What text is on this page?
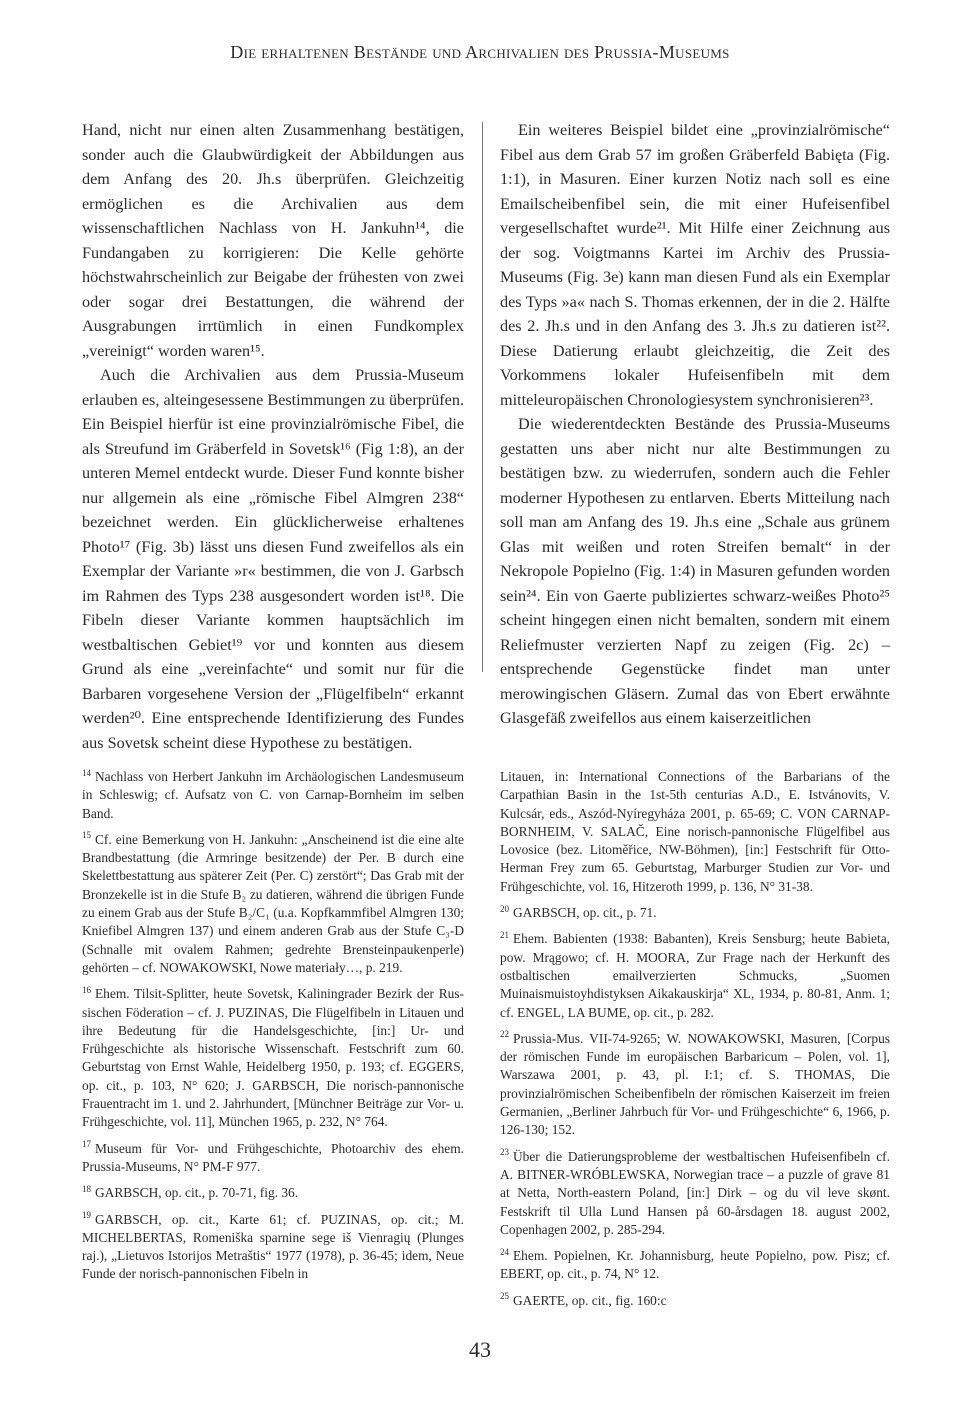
Die erhaltenen Bestände und Archivalien des Prussia-Museums

Hand, nicht nur einen alten Zusammenhang bestätigen, sonder auch die Glaubwürdigkeit der Abbildungen aus dem Anfang des 20. Jh.s überprüfen. Gleichzeitig ermöglichen es die Archivalien aus dem wissenschaftlichen Nachlass von H. Jankuhn¹⁴, die Fundangaben zu korrigieren: Die Kelle gehörte höchstwahrscheinlich zur Beigabe der frühesten von zwei oder sogar drei Bestattungen, die während der Ausgrabungen irrtümlich in einen Fundkomplex „vereinigt“ worden waren¹⁵.

Auch die Archivalien aus dem Prussia-Museum erlauben es, alteingesessene Bestimmungen zu überprüfen. Ein Beispiel hierfür ist eine provinzialrömische Fibel, die als Streufund im Gräberfeld in Sovetsk¹⁶ (Fig 1:8), an der unteren Memel entdeckt wurde. Dieser Fund konnte bisher nur allgemein als eine „römische Fibel Almgren 238“ bezeichnet werden. Ein glücklicherweise erhaltenes Photo¹⁷ (Fig. 3b) lässt uns diesen Fund zweifellos als ein Exemplar der Variante »r« bestimmen, die von J. Garbsch im Rahmen des Typs 238 ausgesondert worden ist¹⁸. Die Fibeln dieser Variante kommen hauptsächlich im westbaltischen Gebiet¹⁹ vor und konnten aus diesem Grund als eine „vereinfachte“ und somit nur für die Barbaren vorgesehene Version der „Flügelfibeln“ erkannt werden²⁰. Eine entsprechende Identifizierung des Fundes aus Sovetsk scheint diese Hypothese zu bestätigen.

Ein weiteres Beispiel bildet eine „provinzialrömische“ Fibel aus dem Grab 57 im großen Gräberfeld Babięta (Fig. 1:1), in Masuren. Einer kurzen Notiz nach soll es eine Emailscheibenfibel sein, die mit einer Hufeisenfibel vergesellschaftet wurde²¹. Mit Hilfe einer Zeichnung aus der sog. Voigtmanns Kartei im Archiv des Prussia-Museums (Fig. 3e) kann man diesen Fund als ein Exemplar des Typs »a« nach S. Thomas erkennen, der in die 2. Hälfte des 2. Jh.s und in den Anfang des 3. Jh.s zu datieren ist²². Diese Datierung erlaubt gleichzeitig, die Zeit des Vorkommens lokaler Hufeisenfibeln mit dem mitteleuropäischen Chronologiesystem synchronisieren²³.

Die wiederentdeckten Bestände des Prussia-Museums gestatten uns aber nicht nur alte Bestimmungen zu bestätigen bzw. zu wiederrufen, sondern auch die Fehler moderner Hypothesen zu entlarven. Eberts Mitteilung nach soll man am Anfang des 19. Jh.s eine „Schale aus grünem Glas mit weißen und roten Streifen bemalt“ in der Nekropole Popielno (Fig. 1:4) in Masuren gefunden worden sein²⁴. Ein von Gaerte publiziertes schwarz-weißes Photo²⁵ scheint hingegen einen nicht bemalten, sondern mit einem Reliefmuster verzierten Napf zu zeigen (Fig. 2c) – entsprechende Gegenstücke findet man unter merowingischen Gläsern. Zumal das von Ebert erwähnte Glasgefäß zweifellos aus einem kaiserzeitlichen

$^{14}$ Nachlass von Herbert Jankuhn im Archäologischen Landesmuseum in Schleswig; cf. Aufsatz von C. von Carnap-Bornheim im selben Band.

$^{15}$ Cf. eine Bemerkung von H. Jankuhn: „Anscheinend ist die eine alte Brandbestattung (die Armringe besitzende) der Per. B durch eine Skelettbestattung aus späterer Zeit (Per. C) zerstört“; Das Grab mit der Bronzekelle ist in die Stufe B₂ zu datieren, während die übrigen Funde zu einem Grab aus der Stufe B₂/C₁ (u.a. Kopfkammfibel Almgren 130; Kniefibel Almgren 137) und einem anderen Grab aus der Stufe C₃-D (Schnalle mit ovalem Rahmen; gedrehte Brensteinpaukenperle) gehörten – cf. NOWAKOWSKI, Nowe materiały…, p. 219.

$^{16}$ Ehem. Tilsit-Splitter, heute Sovetsk, Kaliningrader Bezirk der Rus-sischen Föderation – cf. J. PUZINAS, Die Flügelfibeln in Litauen und ihre Bedeutung für die Handelsgeschichte, [in:] Ur- und Frühgeschichte als historische Wissenschaft. Festschrift zum 60. Geburtstag von Ernst Wahle, Heidelberg 1950, p. 193; cf. EGGERS, op. cit., p. 103, N° 620; J. GARBSCH, Die norisch-pannonische Frauentracht im 1. und 2. Jahrhundert, [Münchner Beiträge zur Vor- u. Frühgeschichte, vol. 11], München 1965, p. 232, N° 764.

$^{17}$ Museum für Vor- und Frühgeschichte, Photoarchiv des ehem. Prussia-Museums, N° PM-F 977.

$^{18}$ GARBSCH, op. cit., p. 70-71, fig. 36.

$^{19}$ GARBSCH, op. cit., Karte 61; cf. PUZINAS, op. cit.; M. MICHELBERTAS, Romeniška sparnine sege iš Vienragių (Plunges raj.), „Lietuvos Istorijos Metraštis“ 1977 (1978), p. 36-45; idem, Neue Funde der norisch-pannonischen Fibeln in

Litauen, in: International Connections of the Barbarians of the Carpathian Basin in the 1st-5th centurias A.D., E. Istvánovits, V. Kulcsár, eds., Aszód-Nyíregyháza 2001, p. 65-69; C. VON CARNAP-BORNHEIM, V. SALAČ, Eine norisch-pannonische Flügelfibel aus Lovosice (bez. Litoměřice, NW-Böhmen), [in:] Festschrift für Otto-Herman Frey zum 65. Geburtstag, Marburger Studien zur Vor- und Frühgeschichte, vol. 16, Hitzeroth 1999, p. 136, N° 31-38.

$^{20}$ GARBSCH, op. cit., p. 71.

$^{21}$ Ehem. Babienten (1938: Babanten), Kreis Sensburg; heute Babieta, pow. Mrągowo; cf. H. MOORA, Zur Frage nach der Herkunft des ostbaltischen emailverzierten Schmucks, „Suomen Muinaismuistoyhdistyksen Aikakauskirja“ XL, 1934, p. 80-81, Anm. 1; cf. ENGEL, LA BUME, op. cit., p. 282.

$^{22}$ Prussia-Mus. VII-74-9265; W. NOWAKOWSKI, Masuren, [Corpus der römischen Funde im europäischen Barbaricum – Polen, vol. 1], Warszawa 2001, p. 43, pl. I:1; cf. S. THOMAS, Die provinzialrömischen Scheibenfibeln der römischen Kaiserzeit im freien Germanien, „Berliner Jahrbuch für Vor- und Frühgeschichte“ 6, 1966, p. 126-130; 152.

$^{23}$ Über die Datierungsprobleme der westbaltischen Hufeisenfibeln cf. A. BITNER-WRÓBLEWSKA, Norwegian trace – a puzzle of grave 81 at Netta, North-eastern Poland, [in:] Dirk – og du vil leve skønt. Festskrift til Ulla Lund Hansen på 60-årsdagen 18. august 2002, Copenhagen 2002, p. 285-294.

$^{24}$ Ehem. Popielnen, Kr. Johannisburg, heute Popielno, pow. Pisz; cf. EBERT, op. cit., p. 74, N° 12.

$^{25}$ GAERTE, op. cit., fig. 160:c

43
